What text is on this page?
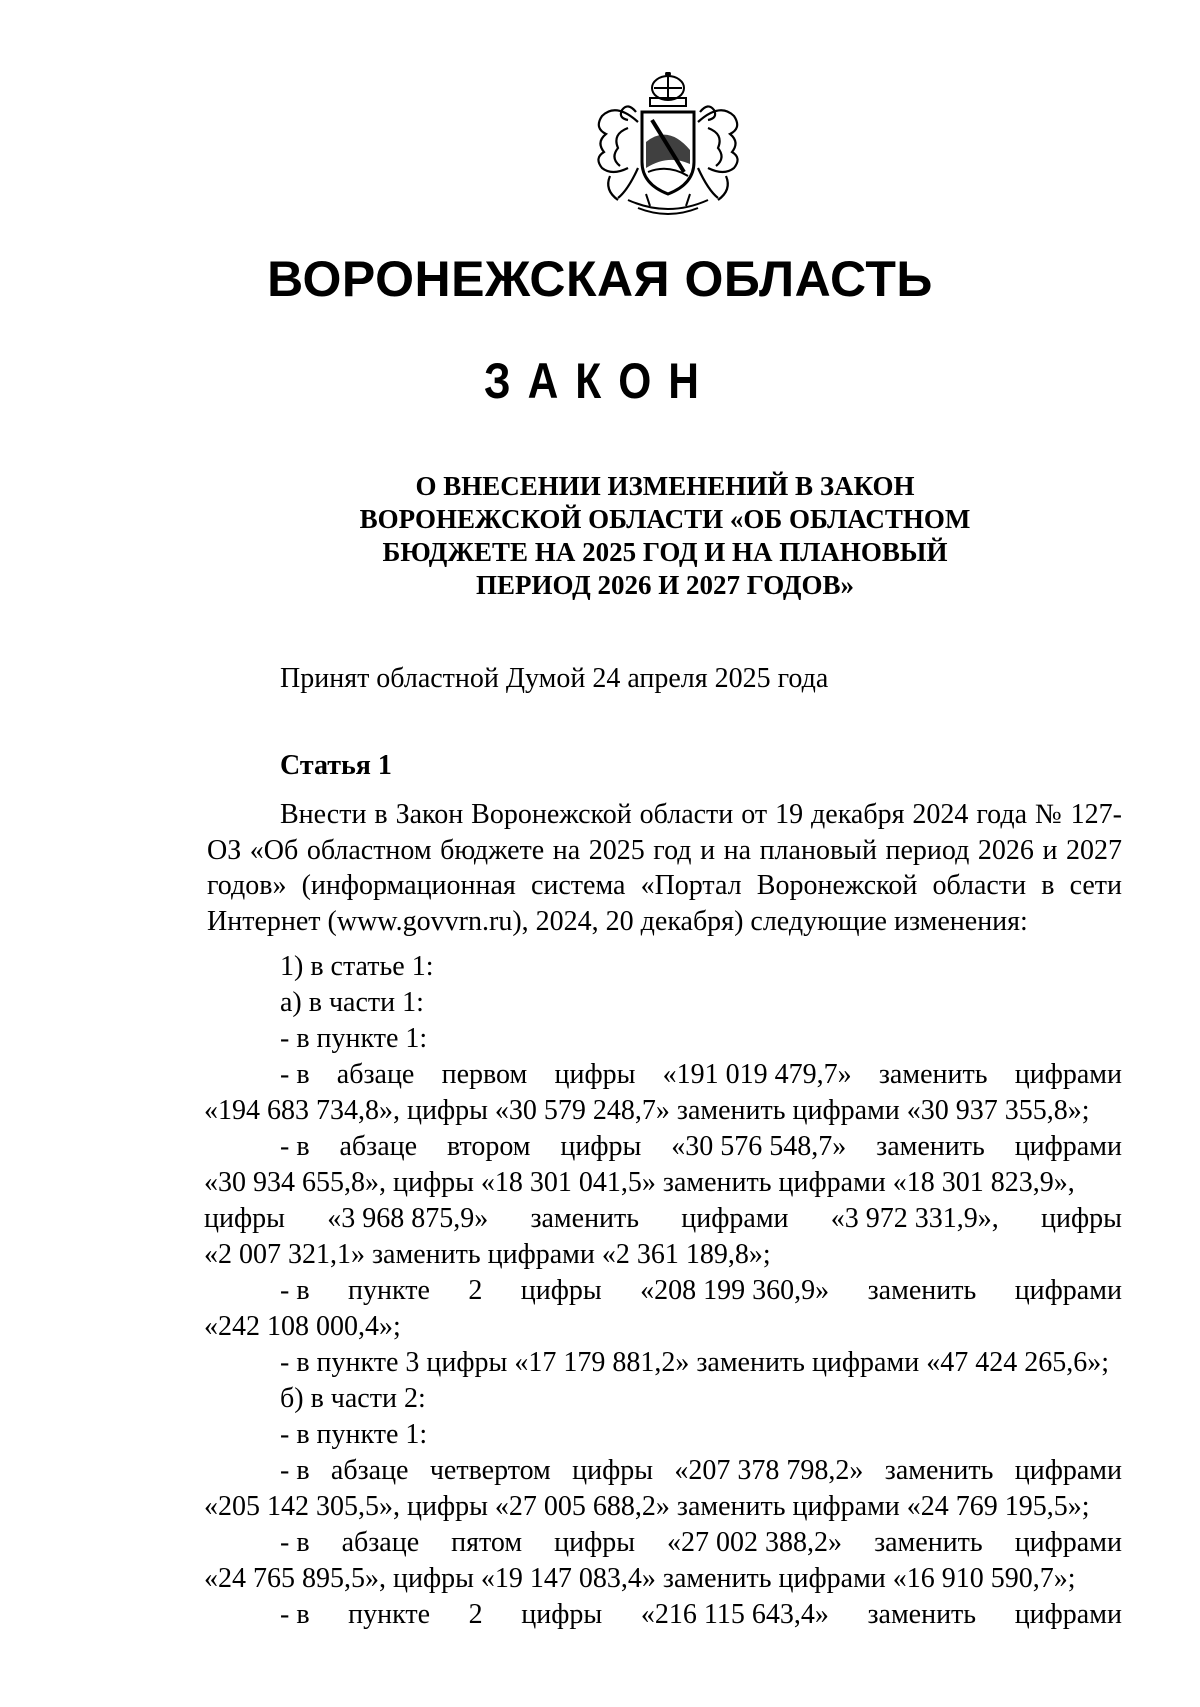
ВОРОНЕЖСКАЯ ОБЛАСТЬ
ЗАКОН
О ВНЕСЕНИИ ИЗМЕНЕНИЙ В ЗАКОН
ВОРОНЕЖСКОЙ ОБЛАСТИ «ОБ ОБЛАСТНОМ
БЮДЖЕТЕ НА 2025 ГОД И НА ПЛАНОВЫЙ
ПЕРИОД 2026 И 2027 ГОДОВ»
Принят областной Думой 24 апреля 2025 года
Статья 1
Внести в Закон Воронежской области от 19 декабря 2024 года № 127-ОЗ «Об областном бюджете на 2025 год и на плановый период 2026 и 2027 годов» (информационная система «Портал Воронежской области в сети Интернет (www.govvrn.ru), 2024, 20 декабря) следующие изменения:
1) в статье 1:
а) в части 1:
- в пункте 1:
- в абзаце первом цифры «191 019 479,7» заменить цифрами
«194 683 734,8», цифры «30 579 248,7» заменить цифрами «30 937 355,8»;
- в абзаце втором цифры «30 576 548,7» заменить цифрами
«30 934 655,8», цифры «18 301 041,5» заменить цифрами «18 301 823,9»,
цифры «3 968 875,9» заменить цифрами «3 972 331,9», цифры
«2 007 321,1» заменить цифрами «2 361 189,8»;
- в пункте 2 цифры «208 199 360,9» заменить цифрами
«242 108 000,4»;
- в пункте 3 цифры «17 179 881,2» заменить цифрами «47 424 265,6»;
б) в части 2:
- в пункте 1:
- в абзаце четвертом цифры «207 378 798,2» заменить цифрами
«205 142 305,5», цифры «27 005 688,2» заменить цифрами «24 769 195,5»;
- в абзаце пятом цифры «27 002 388,2» заменить цифрами
«24 765 895,5», цифры «19 147 083,4» заменить цифрами «16 910 590,7»;
- в пункте 2 цифры «216 115 643,4» заменить цифрами
